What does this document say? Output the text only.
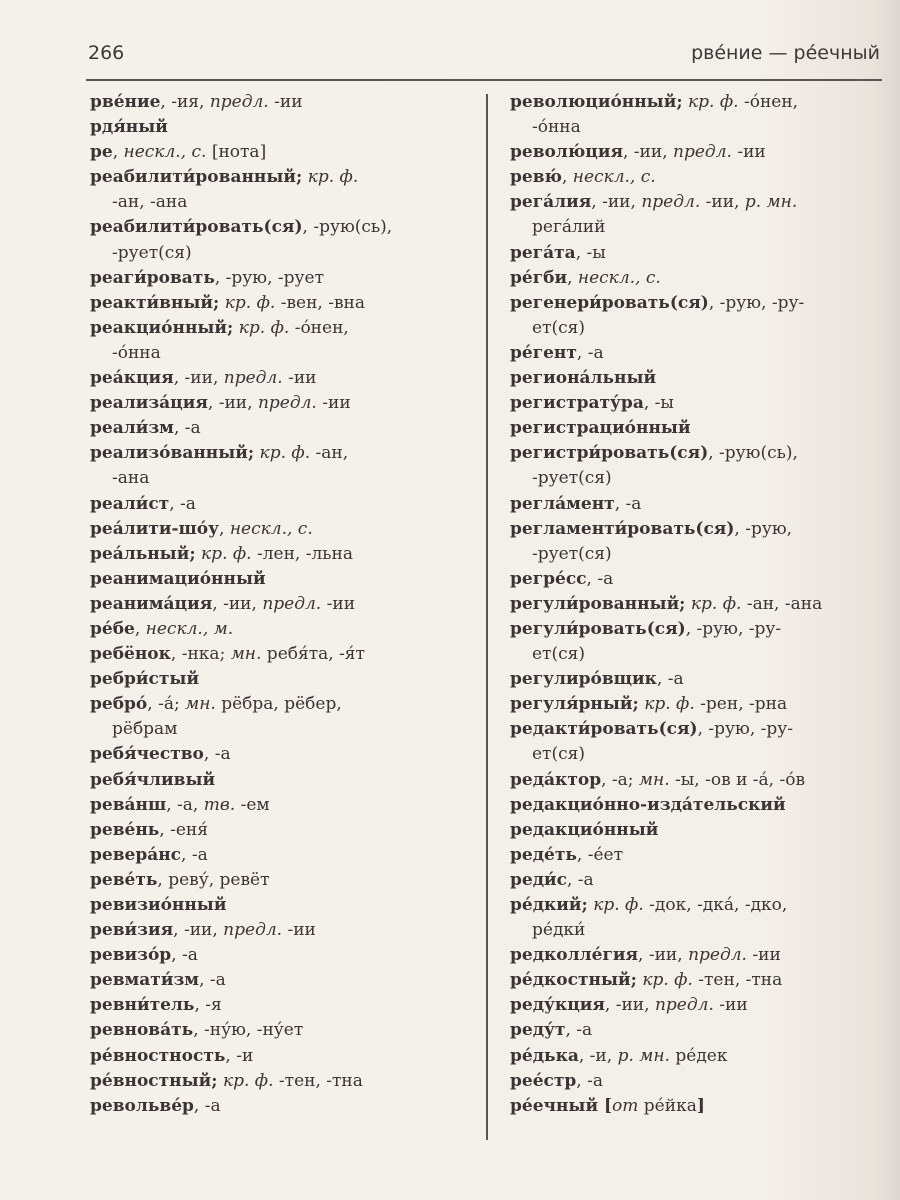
266	рве́ние — ре́ечный
рве́ние, -ия, предл. -ии
рдя́ный
ре, нескл., с. [нота]
реабилити́рованный; кр. ф.
-ан, -ана
реабилити́ровать(ся), -рую(сь),
-рует(ся)
реаги́ровать, -рую, -рует
реакти́вный; кр. ф. -вен, -вна
реакцио́нный; кр. ф. -о́нен,
-о́нна
реа́кция, -ии, предл. -ии
реализа́ция, -ии, предл. -ии
реали́зм, -а
реализо́ванный; кр. ф. -ан,
-ана
реали́ст, -а
реа́лити-шо́у, нескл., с.
реа́льный; кр. ф. -лен, -льна
реанимацио́нный
реанима́ция, -ии, предл. -ии
ре́бе, нескл., м.
ребёнок, -нка; мн. ребя́та, -я́т
ребри́стый
ребро́, -а́; мн. рёбра, рёбер,
рёбрам
ребя́чество, -а
ребя́чливый
рева́нш, -а, тв. -ем
реве́нь, -еня́
ревера́нс, -а
реве́ть, реву́, ревёт
ревизио́нный
реви́зия, -ии, предл. -ии
ревизо́р, -а
ревмати́зм, -а
ревни́тель, -я
ревнова́ть, -ну́ю, -ну́ет
ре́вностность, -и
ре́вностный; кр. ф. -тен, -тна
револьве́р, -а
революцио́нный; кр. ф. -о́нен,
-о́нна
револю́ция, -ии, предл. -ии
ревю́, нескл., с.
рега́лия, -ии, предл. -ии, р. мн.
рега́лий
рега́та, -ы
ре́гби, нескл., с.
регенери́ровать(ся), -рую, -ру-
ет(ся)
ре́гент, -а
региона́льный
регистрату́ра, -ы
регистрацио́нный
регистри́ровать(ся), -рую(сь),
-рует(ся)
регла́мент, -а
регламенти́ровать(ся), -рую,
-рует(ся)
регре́сс, -а
регули́рованный; кр. ф. -ан, -ана
регули́ровать(ся), -рую, -ру-
ет(ся)
регулиро́вщик, -а
регуля́рный; кр. ф. -рен, -рна
редакти́ровать(ся), -рую, -ру-
ет(ся)
реда́ктор, -а; мн. -ы, -ов и -а́, -о́в
редакцио́нно-изда́тельский
редакцио́нный
реде́ть, -е́ет
реди́с, -а
ре́дкий; кр. ф. -док, -дка́, -дко,
ре́дки́
редколле́гия, -ии, предл. -ии
ре́дкостный; кр. ф. -тен, -тна
реду́кция, -ии, предл. -ии
реду́т, -а
ре́дька, -и, р. мн. ре́дек
рее́стр, -а
ре́ечный [от ре́йка]
